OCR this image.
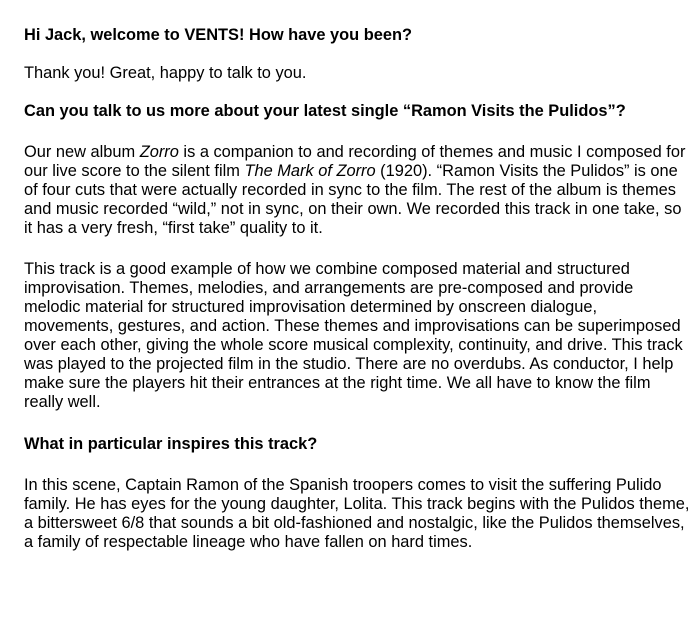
Hi Jack, welcome to VENTS! How have you been?

Thank you! Great, happy to talk to you.

Can you talk to us more about your latest single “Ramon Visits the Pulidos”?

Our new album Zorro is a companion to and recording of themes and music I composed for our live score to the silent film The Mark of Zorro (1920). “Ramon Visits the Pulidos” is one of four cuts that were actually recorded in sync to the film. The rest of the album is themes and music recorded “wild,” not in sync, on their own. We recorded this track in one take, so it has a very fresh, “first take” quality to it.

This track is a good example of how we combine composed material and structured improvisation. Themes, melodies, and arrangements are pre-composed and provide melodic material for structured improvisation determined by onscreen dialogue, movements, gestures, and action. These themes and improvisations can be superimposed over each other, giving the whole score musical complexity, continuity, and drive. This track was played to the projected film in the studio. There are no overdubs. As conductor, I help make sure the players hit their entrances at the right time. We all have to know the film really well.

What in particular inspires this track?

In this scene, Captain Ramon of the Spanish troopers comes to visit the suffering Pulido family. He has eyes for the young daughter, Lolita. This track begins with the Pulidos theme, a bittersweet 6/8 that sounds a bit old-fashioned and nostalgic, like the Pulidos themselves, a family of respectable lineage who have fallen on hard times.
